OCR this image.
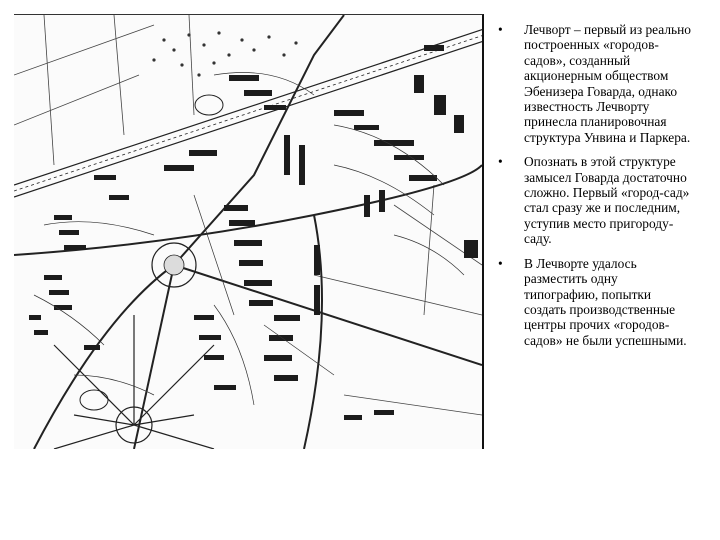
• Лечворт – первый из реально построенных «городов-садов», созданный акционерным обществом Эбенизера Говарда, однако известность Лечворту принесла планировочная структура Унвина и Паркера.
• Опознать в этой структуре замысел Говарда достаточно сложно. Первый «город-сад» стал сразу же и последним, уступив место пригороду-саду.
• В Лечворте удалось разместить одну типографию, попытки создать производственные центры прочих «городов-садов» не были успешными.
